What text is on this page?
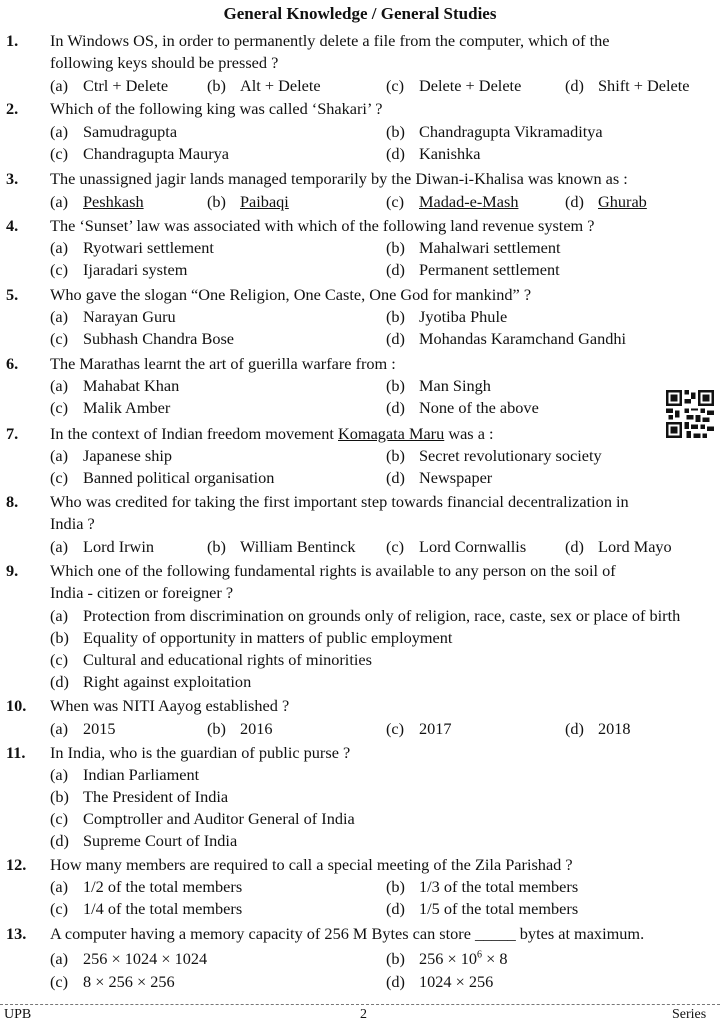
General Knowledge / General Studies
1. In Windows OS, in order to permanently delete a file from the computer, which of the
following keys should be pressed ?
(a) Ctrl + Delete (b) Alt + Delete	(c) Delete + Delete	(d) Shift + Delete
2. Which of the following king was called ‘Shakari’ ?
(a) Samudragupta	(b) Chandragupta Vikramaditya
(c) Chandragupta Maurya	(d) Kanishka
3. The unassigned jagir lands managed temporarily by the Diwan-i-Khalisa was known as :
(a) Peshkash	(b) Paibaqi	(c) Madad-e-Mash	(d) Ghurab
4. The ‘Sunset’ law was associated with which of the following land revenue system ?
(a) Ryotwari settlement	(b) Mahalwari settlement
(c) Ijaradari system	(d) Permanent settlement
5. Who gave the slogan “One Religion, One Caste, One God for mankind” ?
(a) Narayan Guru	(b) Jyotiba Phule
(c) Subhash Chandra Bose	(d) Mohandas Karamchand Gandhi
6. The Marathas learnt the art of guerilla warfare from :
(a) Mahabat Khan	(b) Man Singh
(c) Malik Amber	(d) None of the above
7. In the context of Indian freedom movement Komagata Maru was a :
(a) Japanese ship	(b) Secret revolutionary society
(c) Banned political organisation	(d) Newspaper
8. Who was credited for taking the first important step towards financial decentralization in
India ?
(a) Lord Irwin	(b) William Bentinck (c) Lord Cornwallis (d) Lord Mayo
9. Which one of the following fundamental rights is available to any person on the soil of
India - citizen or foreigner ?
(a) Protection from discrimination on grounds only of religion, race, caste, sex or place of birth
(b) Equality of opportunity in matters of public employment
(c) Cultural and educational rights of minorities
(d) Right against exploitation
10. When was NITI Aayog established ?
(a) 2015	(b) 2016	(c) 2017	(d) 2018
11. In India, who is the guardian of public purse ?
(a) Indian Parliament
(b) The President of India
(c) Comptroller and Auditor General of India
(d) Supreme Court of India
12. How many members are required to call a special meeting of the Zila Parishad ?
(a) 1/2 of the total members	(b) 1/3 of the total members
(c) 1/4 of the total members	(d) 1/5 of the total members
13. A computer having a memory capacity of 256 M Bytes can store _____ bytes at maximum.
(a) 256 × 1024 × 1024	(b) $256 \times 10^6 \times 8$
(c) 8 × 256 × 256	(d) 1024 × 256
UPB	2	Series
